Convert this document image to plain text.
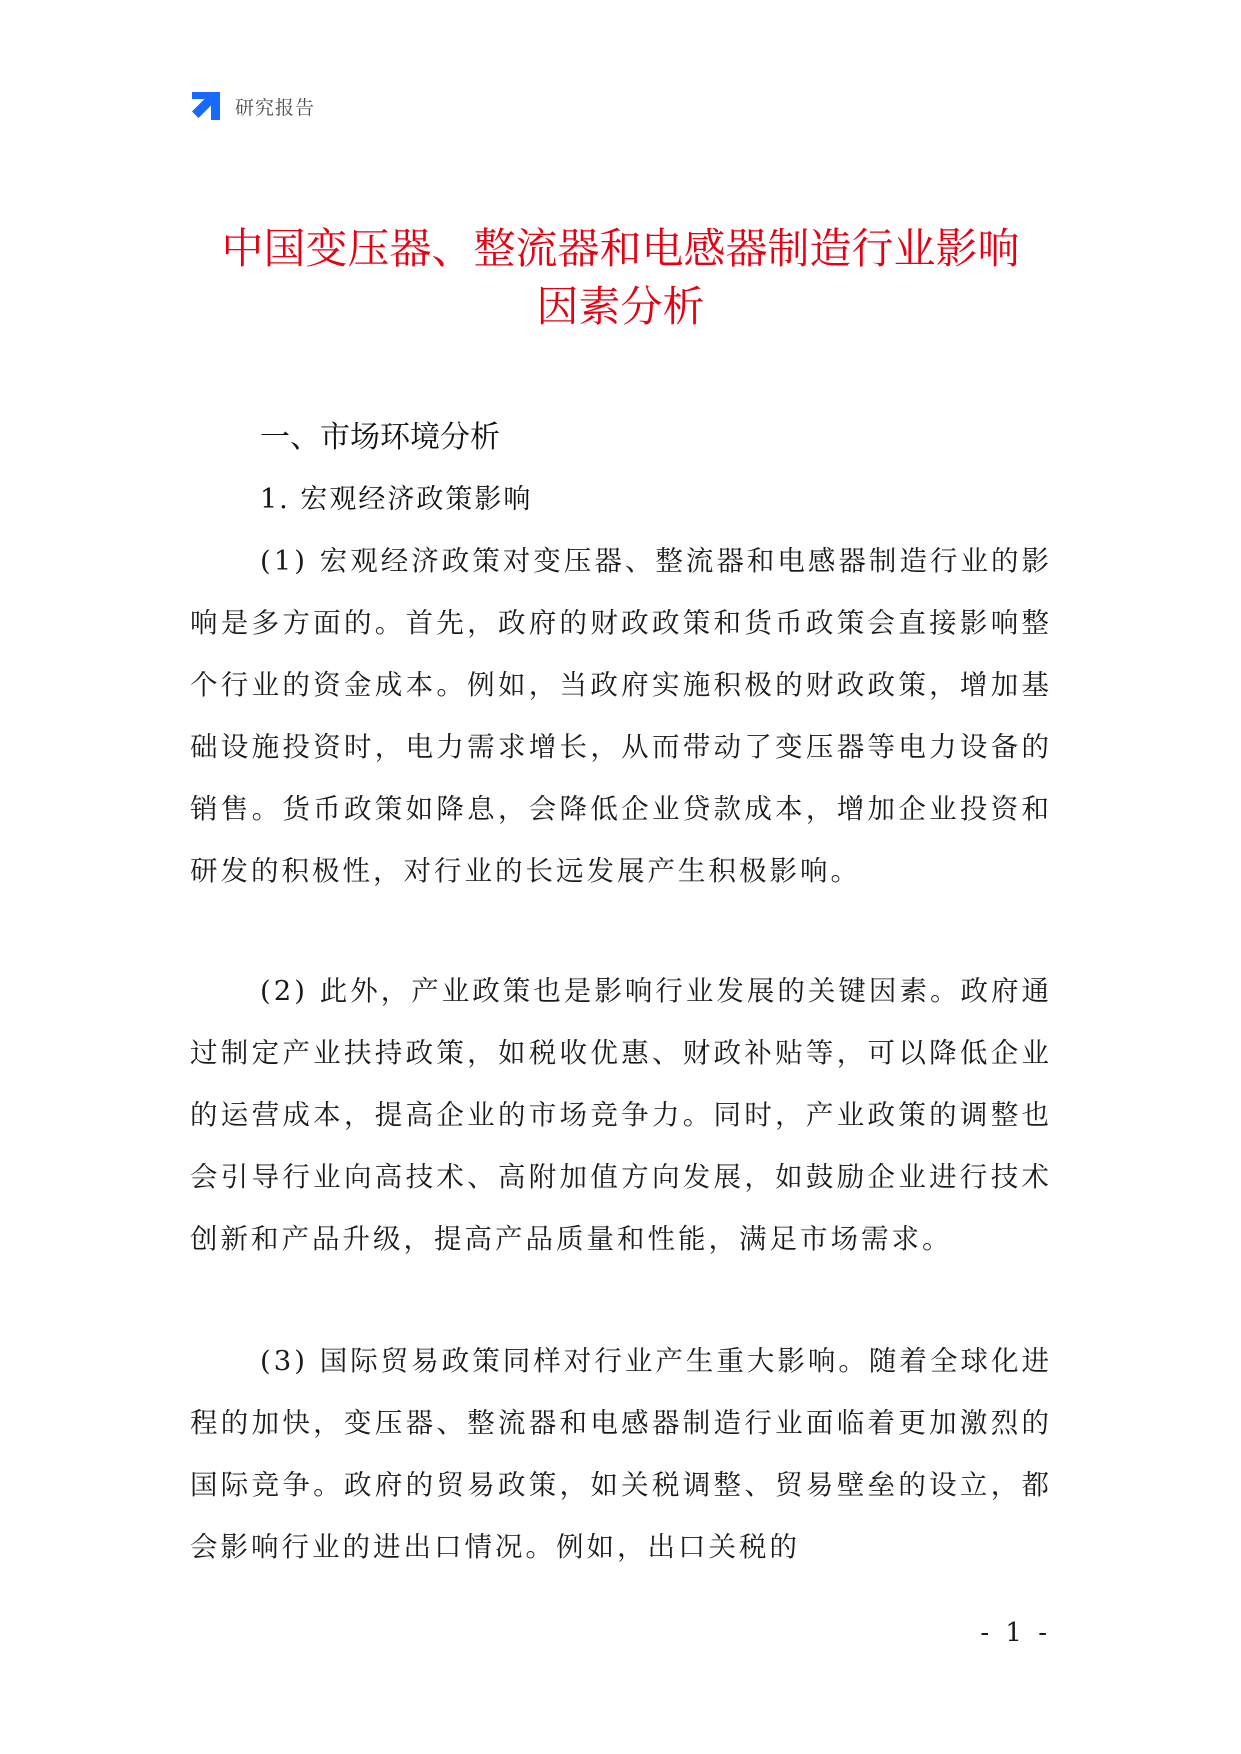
研究报告
中国变压器、整流器和电感器制造行业影响
因素分析
一、市场环境分析
1. 宏观经济政策影响

(1) 宏观经济政策对变压器、整流器和电感器制造行业的影响是多方面的。首先，政府的财政政策和货币政策会直接影响整个行业的资金成本。例如，当政府实施积极的财政政策，增加基础设施投资时，电力需求增长，从而带动了变压器等电力设备的销售。货币政策如降息，会降低企业贷款成本，增加企业投资和研发的积极性，对行业的长远发展产生积极影响。

(2) 此外，产业政策也是影响行业发展的关键因素。政府通过制定产业扶持政策，如税收优惠、财政补贴等，可以降低企业的运营成本，提高企业的市场竞争力。同时，产业政策的调整也会引导行业向高技术、高附加值方向发展，如鼓励企业进行技术创新和产品升级，提高产品质量和性能，满足市场需求。

(3) 国际贸易政策同样对行业产生重大影响。随着全球化进程的加快，变压器、整流器和电感器制造行业面临着更加激烈的国际竞争。政府的贸易政策，如关税调整、贸易壁垒的设立，都会影响行业的进出口情况。例如，出口关税的

- 1 -
